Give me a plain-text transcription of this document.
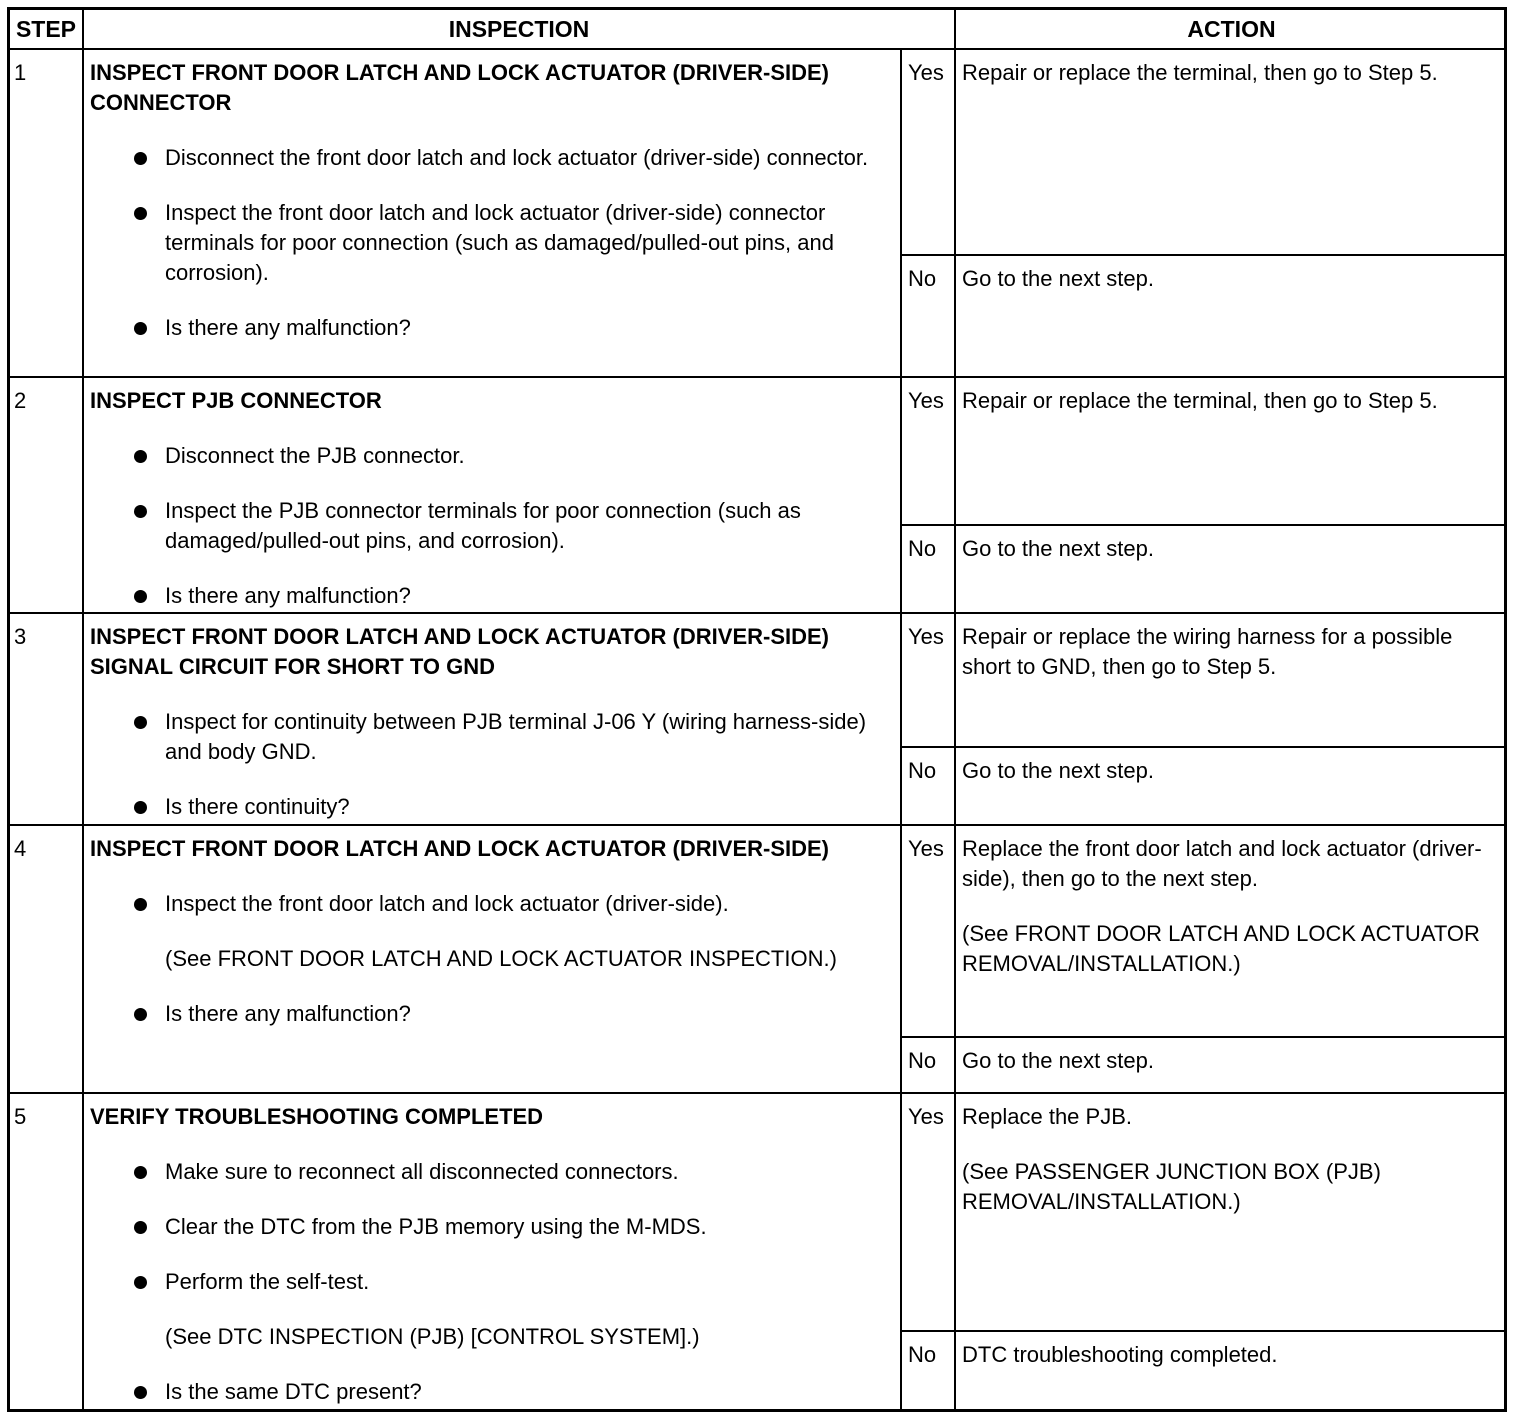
STEP	INSPECTION	ACTION
1	INSPECT FRONT DOOR LATCH AND LOCK ACTUATOR (DRIVER-SIDE) CONNECTOR
Disconnect the front door latch and lock actuator (driver-side) connector.
Inspect the front door latch and lock actuator (driver-side) connector terminals for poor connection (such as damaged/pulled-out pins, and corrosion).
Is there any malfunction?
Yes Repair or replace the terminal, then go to Step 5.
No	Go to the next step.
2	INSPECT PJB CONNECTOR
Disconnect the PJB connector.
Inspect the PJB connector terminals for poor connection (such as damaged/pulled-out pins, and corrosion).
Is there any malfunction?
Yes Repair or replace the terminal, then go to Step 5.
No	Go to the next step.
3	INSPECT FRONT DOOR LATCH AND LOCK ACTUATOR (DRIVER-SIDE) SIGNAL CIRCUIT FOR SHORT TO GND
Inspect for continuity between PJB terminal J-06 Y (wiring harness-side) and body GND.
Is there continuity?
Yes Repair or replace the wiring harness for a possible short to GND, then go to Step 5.
No	Go to the next step.
4	INSPECT FRONT DOOR LATCH AND LOCK ACTUATOR (DRIVER-SIDE)
Inspect the front door latch and lock actuator (driver-side).
(See FRONT DOOR LATCH AND LOCK ACTUATOR INSPECTION.)
Is there any malfunction?
Yes Replace the front door latch and lock actuator (driver-side), then go to the next step.
(See FRONT DOOR LATCH AND LOCK ACTUATOR REMOVAL/INSTALLATION.)
No	Go to the next step.
5	VERIFY TROUBLESHOOTING COMPLETED
Make sure to reconnect all disconnected connectors.
Clear the DTC from the PJB memory using the M-MDS.
Perform the self-test.
(See DTC INSPECTION (PJB) [CONTROL SYSTEM].)
Is the same DTC present?
Yes Replace the PJB.
(See PASSENGER JUNCTION BOX (PJB) REMOVAL/INSTALLATION.)
No	DTC troubleshooting completed.
